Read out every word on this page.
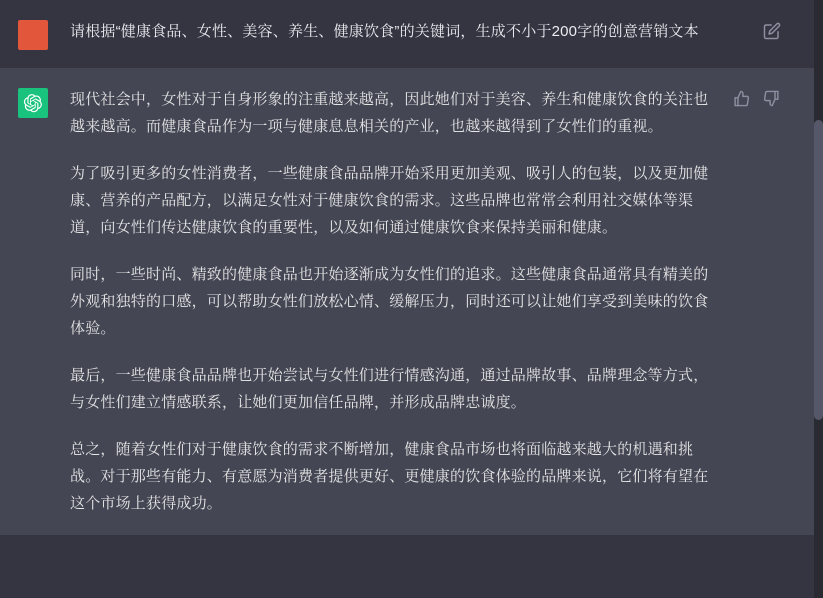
请根据“健康食品、女性、美容、养生、健康饮食”的关键词，生成不小于200字的创意营销文本

现代社会中，女性对于自身形象的注重越来越高，因此她们对于美容、养生和健康饮食的关注也越来越高。而健康食品作为一项与健康息息相关的产业，也越来越得到了女性们的重视。

为了吸引更多的女性消费者，一些健康食品品牌开始采用更加美观、吸引人的包装，以及更加健康、营养的产品配方，以满足女性对于健康饮食的需求。这些品牌也常常会利用社交媒体等渠道，向女性们传达健康饮食的重要性，以及如何通过健康饮食来保持美丽和健康。

同时，一些时尚、精致的健康食品也开始逐渐成为女性们的追求。这些健康食品通常具有精美的外观和独特的口感，可以帮助女性们放松心情、缓解压力，同时还可以让她们享受到美味的饮食体验。

最后，一些健康食品品牌也开始尝试与女性们进行情感沟通，通过品牌故事、品牌理念等方式，与女性们建立情感联系，让她们更加信任品牌，并形成品牌忠诚度。

总之，随着女性们对于健康饮食的需求不断增加，健康食品市场也将面临越来越大的机遇和挑战。对于那些有能力、有意愿为消费者提供更好、更健康的饮食体验的品牌来说，它们将有望在这个市场上获得成功。
